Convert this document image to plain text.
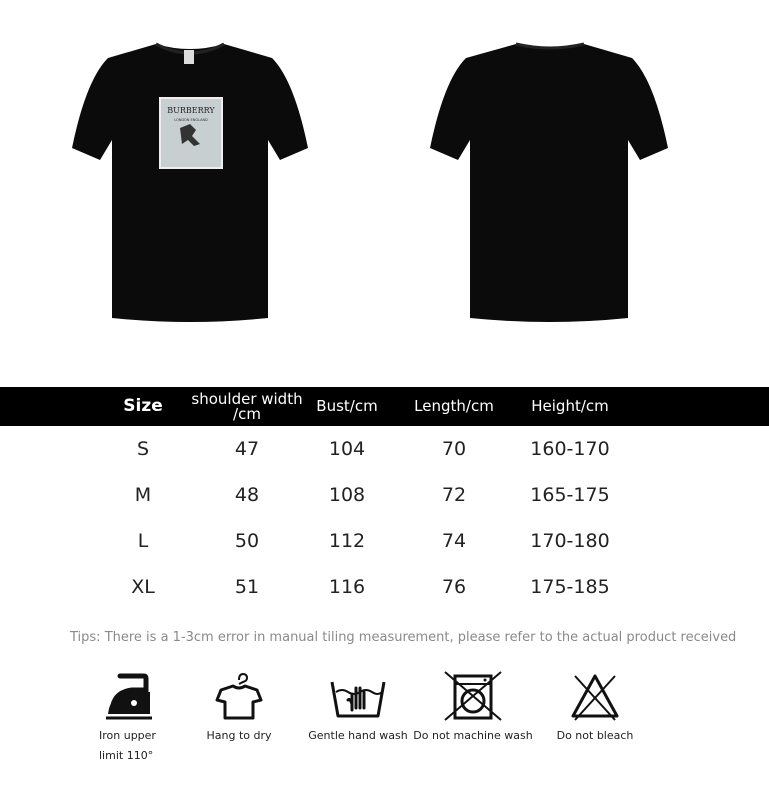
BURBERRY
LONDON ENGLAND
Size	shoulder width /cm	Bust/cm	Length/cm	Height/cm
S	47	104	70	160-170
M	48	108	72	165-175
L	50	112	74	170-180
XL	51	116	76	175-185
Tips: There is a 1-3cm error in manual tiling measurement, please refer to the actual product received
Iron upper
limit 110°
Hang to dry	Gentle hand wash Do not machine wash	Do not bleach
